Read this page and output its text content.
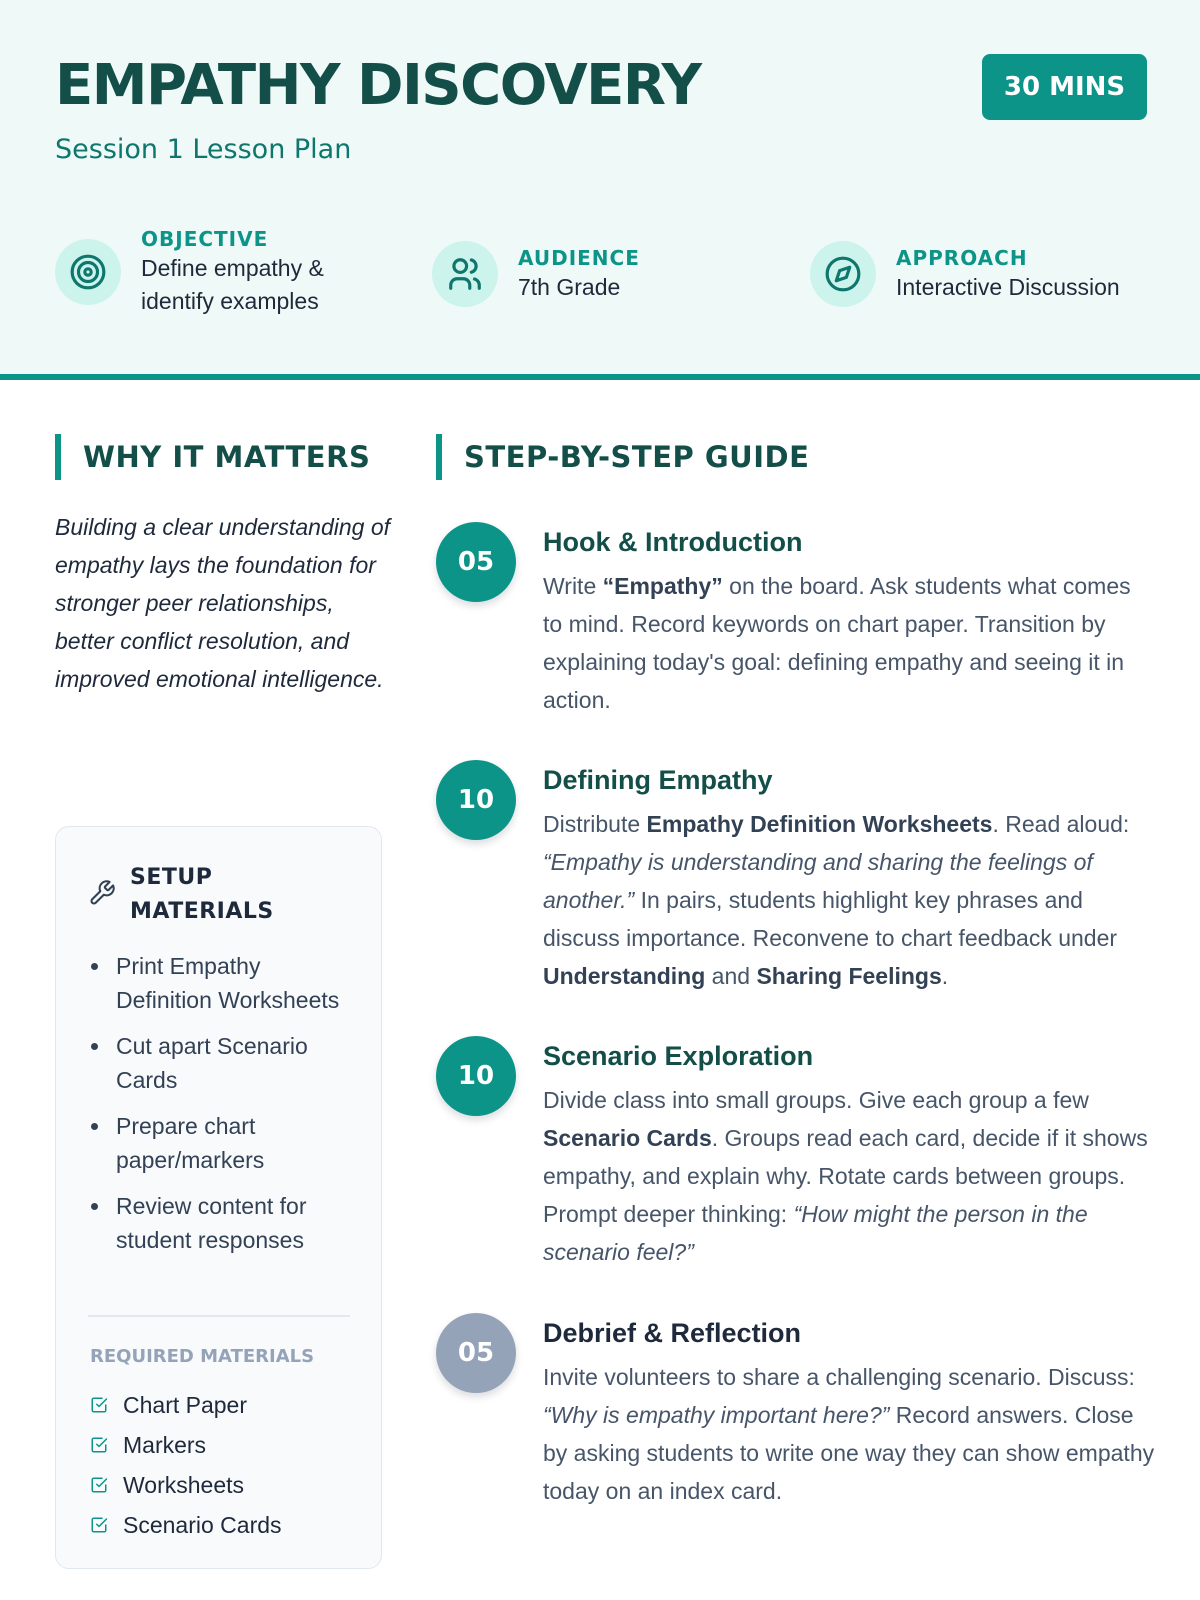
EMPATHY DISCOVERY
Session 1 Lesson Plan
30 MINS
OBJECTIVE
Define empathy & identify examples
AUDIENCE
7th Grade
APPROACH
Interactive Discussion
WHY IT MATTERS

Building a clear understanding of empathy lays the foundation for stronger peer relationships, better conflict resolution, and improved emotional intelligence.

SETUP MATERIALS
Print Empathy Definition Worksheets
Cut apart Scenario Cards
Prepare chart paper/markers
Review content for student responses
REQUIRED MATERIALS
Chart Paper
Markers
Worksheets
Scenario Cards
STEP-BY-STEP GUIDE
05
Hook & Introduction

Write “Empathy” on the board. Ask students what comes to mind. Record keywords on chart paper. Transition by explaining today's goal: defining empathy and seeing it in action.

10
Defining Empathy

Distribute Empathy Definition Worksheets. Read aloud: “Empathy is understanding and sharing the feelings of another.” In pairs, students highlight key phrases and discuss importance. Reconvene to chart feedback under Understanding and Sharing Feelings.

10
Scenario Exploration

Divide class into small groups. Give each group a few Scenario Cards. Groups read each card, decide if it shows empathy, and explain why. Rotate cards between groups. Prompt deeper thinking: “How might the person in the scenario feel?”

05
Debrief & Reflection

Invite volunteers to share a challenging scenario. Discuss: “Why is empathy important here?” Record answers. Close by asking students to write one way they can show empathy today on an index card.
